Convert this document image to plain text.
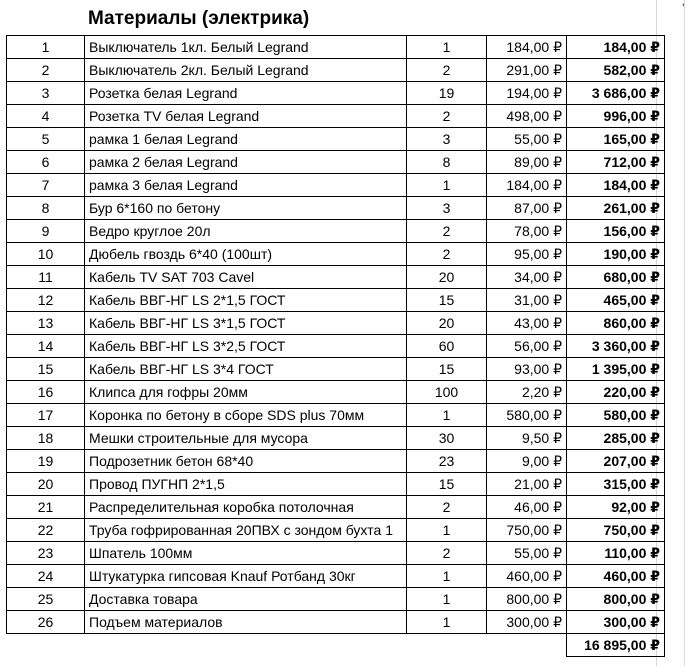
,
Материалы (электрика)
1	Выключатель 1кл. Белый Legrand	1	184,00 ₽	184,00 ₽
2	Выключатель 2кл. Белый Legrand	2	291,00 ₽	582,00 ₽
3	Розетка белая Legrand	19	194,00 ₽	3 686,00 ₽
4	Розетка TV белая Legrand	2	498,00 ₽	996,00 ₽
5	рамка 1 белая Legrand	3	55,00 ₽	165,00 ₽
6	рамка 2 белая Legrand	8	89,00 ₽	712,00 ₽
7	рамка 3 белая Legrand	1	184,00 ₽	184,00 ₽
8	Бур 6*160 по бетону	3	87,00 ₽	261,00 ₽
9	Ведро круглое 20л	2	78,00 ₽	156,00 ₽
10	Дюбель гвоздь 6*40 (100шт)	2	95,00 ₽	190,00 ₽
11	Кабель TV SAT 703 Cavel	20	34,00 ₽	680,00 ₽
12	Кабель ВВГ-НГ LS 2*1,5 ГОСТ	15	31,00 ₽	465,00 ₽
13	Кабель ВВГ-НГ LS 3*1,5 ГОСТ	20	43,00 ₽	860,00 ₽
14	Кабель ВВГ-НГ LS 3*2,5 ГОСТ	60	56,00 ₽	3 360,00 ₽
15	Кабель ВВГ-НГ LS 3*4 ГОСТ	15	93,00 ₽	1 395,00 ₽
16	Клипса для гофры 20мм	100	2,20 ₽	220,00 ₽
17	Коронка по бетону в сборе SDS plus 70мм	1	580,00 ₽	580,00 ₽
18	Мешки строительные для мусора	30	9,50 ₽	285,00 ₽
19	Подрозетник бетон 68*40	23	9,00 ₽	207,00 ₽
20	Провод ПУГНП 2*1,5	15	21,00 ₽	315,00 ₽
21	Распределительная коробка потолочная	2	46,00 ₽	92,00 ₽
22	Труба гофрированная 20ПВХ с зондом бухта 1	1	750,00 ₽	750,00 ₽
23	Шпатель 100мм	2	55,00 ₽	110,00 ₽
24	Штукатурка гипсовая Knauf Ротбанд 30кг	1	460,00 ₽	460,00 ₽
25	Доставка товара	1	800,00 ₽	800,00 ₽
26	Подъем материалов	1	300,00 ₽	300,00 ₽
				16 895,00 ₽
